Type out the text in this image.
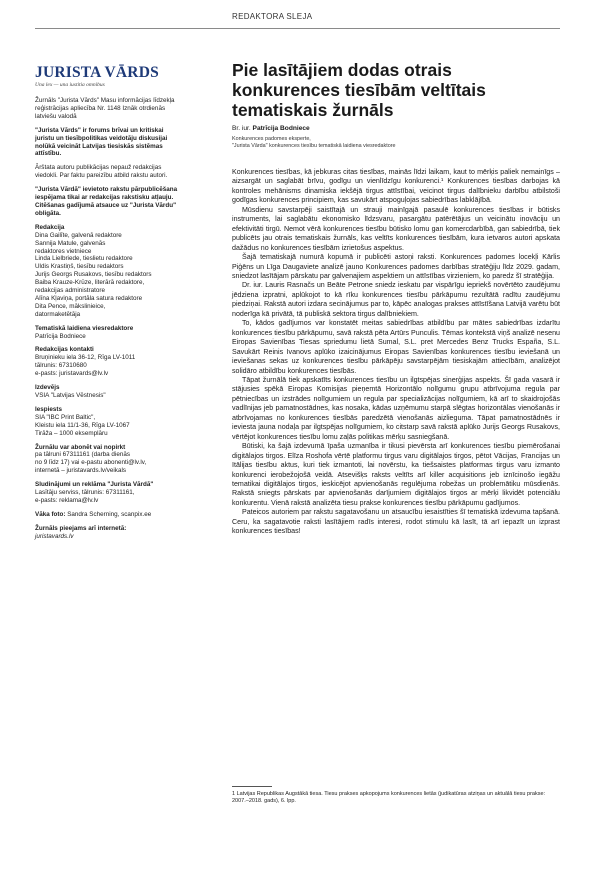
REDAKTORA SLEJA
JURISTA VĀRDS
Una lex — una iustitia omnibus

Žurnāls "Jurista Vārds" Masu informācijas līdzekļa reģistrācijas apliecība Nr. 1148 Iznāk otrdienās latviešu valodā

"Jurista Vārds" ir forums brīvai un kritiskai juristu un tiesībpolitikas veidotāju diskusijai nolūkā veicināt Latvijas tiesiskās sistēmas attīstību.

Ārštata autoru publikācijas nepauž redakcijas viedokli. Par faktu pareizību atbild rakstu autori.

"Jurista Vārdā" ievietoto rakstu pārpublicēšana iespējama tikai ar redakcijas rakstisku atļauju. Citēšanas gadījumā atsauce uz "Jurista Vārdu" obligāta.

Redakcija

Dina Gailīte, galvenā redaktore

Sannija Matule, galvenās

redaktores vietniece

Linda Lielbriede, tieslietu redaktore

Uldis Krastiņš, tiesību redaktors

Jurijs Georgs Rusakovs, tiesību redaktors

Baiba Krauze-Krūze, literārā redaktore,

redakcijas administratore

Alīna Kļaviņa, portāla satura redaktore

Dita Pence, mākslinieice,

datormaketētāja

Tematiskā laidiena viesredaktore

Patrīcija Bodniece

Redakcijas kontakti

Bruņinieku iela 36-12, Rīga LV-1011

tālrunis: 67310680

e-pasts: juristavards@lv.lv

Izdevējs

VSIA "Latvijas Vēstnesis"

Iespiests

SIA "IBC Print Baltic",

Kleistu iela 11/1-36, Rīga LV-1067

Tirāža – 1000 eksemplāru

Žurnālu var abonēt vai nopirkt

pa tālruni 67311161 (darba dienās

no 9 līdz 17) vai e-pastu abonenti@lv.lv,

internetā – juristavards.lv/veikals

Sludinājumi un reklāma "Jurista Vārdā"

Lasītāju serviss, tālrunis: 67311161,

e-pasts: reklama@lv.lv

Vāka foto: Sandra Scherning, scanpix.ee

Žurnāls pieejams arī internetā:

juristavards.lv

Pie lasītājiem dodas otrais
konkurences tiesībām veltītais
tematiskais žurnāls
Br. iur. Patrīcija Bodniece
Konkurences padomes eksperte,
"Jurista Vārda" konkurences tiesību tematiskā laidiena viesredaktore

Konkurences tiesības, kā jebkuras citas tiesības, mainās līdzi laikam, kaut to mērķis paliek nemainīgs – aizsargāt un saglabāt brīvu, godīgu un vienlīdzīgu konkurenci.¹ Konkurences tiesības darbojas kā kontroles mehānisms dinamiska iekšējā tirgus attīstībai, veicinot tirgus dalībnieku darbību atbilstoši godīgas konkurences principiem, kas savukārt atspoguļojas sabiedrības labklājībā.

Mūsdienu savstarpēji saistītajā un strauji mainīgajā pasaulē konkurences tiesības ir būtisks instruments, lai saglabātu ekonomisko līdzsvaru, pasargātu patērētājus un veicinātu inovāciju un efektivitāti tirgū. Nemot vērā konkurences tiesību būtisko lomu gan komercdarbībā, gan sabiedrībā, tiek publicēts jau otrais tematiskais žurnāls, kas veltīts konkurences tiesībām, kura ietvaros autori apskata dažādus no konkurences tiesībām izrietošus aspektus.

Šajā tematiskajā numurā kopumā ir publicēti astoņi raksti. Konkurences padomes locekļi Kārlis Piģēns un Līga Daugaviete analizē jauno Konkurences padomes darbības stratēģiju līdz 2029. gadam, sniedzot lasītājam pārskatu par galvenajiem aspektiem un attīstības virzieniem, ko paredz šī stratēģija.

Dr. iur. Lauris Rasnačs un Beāte Petrone sniedz ieskatu par vispārīgu iepriekš novērtēto zaudējumu jēdziena izpratni, aplūkojot to kā rīku konkurences tiesību pārkāpumu rezultātā radītu zaudējumu piedziņai. Rakstā autori izdara secinājumus par to, kāpēc analogas prakses attīstīšana Latvijā varētu būt noderīga kā privātā, tā publiskā sektora tirgus dalībniekiem.

To, kādos gadījumos var konstatēt meitas sabiedrības atbildību par mātes sabiedrības izdarītu konkurences tiesību pārkāpumu, savā rakstā pēta Artūrs Punculis. Tēmas kontekstā viņš analizē nesenu Eiropas Savienības Tiesas spriedumu lietā Sumal, S.L. pret Mercedes Benz Trucks España, S.L. Savukārt Reinis Ivanovs aplūko izaicinājumus Eiropas Savienības konkurences tiesību ieviešanā un ieviešanas sekas uz konkurences tiesību pārkāpēju savstarpējām tiesiskajām attiecībām, analizējot solidāro atbildību konkurences tiesībās.

Tāpat žurnālā tiek apskatīts konkurences tiesību un ilgtspējas sinerģijas aspekts. Šī gada vasarā ir stājusies spēkā Eiropas Komisijas pieņemtā Horizontālo nolīgumu grupu atbrīvojuma regula par pētniecības un izstrādes nolīgumiem un regula par specializācijas nolīgumiem, kā arī to skaidrojošās vadlīnijas jeb pamatnostādnes, kas nosaka, kādas uzņēmumu starpā slēgtas horizontālas vienošanās ir atbrīvojamas no konkurences tiesībās paredzētā vienošanās aizlieguma. Tāpat pamatnostādnēs ir ieviesta jauna nodaļa par ilgtspējas nolīgumiem, ko citstarp savā rakstā aplūko Jurijs Georgs Rusakovs, vērtējot konkurences tiesību lomu zaļās politikas mērķu sasniegšanā.

Būtiski, ka šajā izdevumā īpaša uzmanība ir tikusi pievērsta arī konkurences tiesību piemērošanai digitālajos tirgos. Elīza Roshofa vērtē platformu tirgus varu digitālajos tirgos, pētot Vācijas, Francijas un Itālijas tiesību aktus, kuri tiek izmantoti, lai novērstu, ka tiešsaistes platformas tirgus varu izmanto konkurenci ierobežojošā veidā. Atsevišķs raksts veltīts arī killer acquisitions jeb iznīcinošo iegāžu tematikai digitālajos tirgos, ieskicējot apvienošanās regulējuma robežas un problemātiku mūsdienās. Rakstā sniegts pārskats par apvienošanās darījumiem digitālajos tirgos ar mērķi likvidēt potenciālu konkurentu. Vienā rakstā analizēta tiesu prakse konkurences tiesību pārkāpumu gadījumos.

Pateicos autoriem par rakstu sagatavošanu un atsaucību iesaistīties šī tematiskā izdevuma tapšanā. Ceru, ka sagatavotie raksti lasītājiem radīs interesi, rodot stimulu kā lasīt, tā arī iepazīt un izprast konkurences tiesības!

1 Latvijas Republikas Augstākā tiesa. Tiesu prakses apkopojums konkurences lietās (judikatūras atziņas un aktuālā tiesu prakse: 2007.–2018. gads), 6. lpp.
